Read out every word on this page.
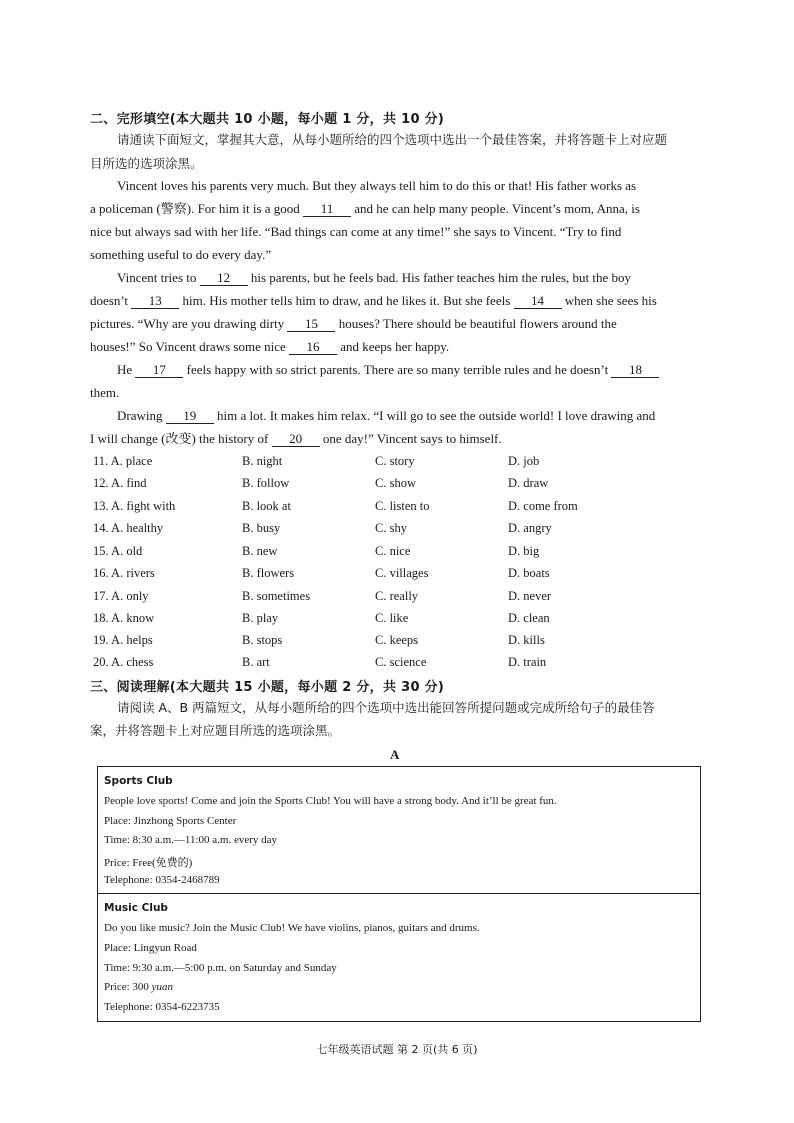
二、完形填空(本大题共 10 小题，每小题 1 分，共 10 分)
请通读下面短文，掌握其大意，从每小题所给的四个选项中选出一个最佳答案，并将答题卡上对应题
目所选的选项涂黑。
Vincent loves his parents very much. But they always tell him to do this or that! His father works as
a policeman (警察). For him it is a good 11 and he can help many people. Vincent’s mom, Anna, is
nice but always sad with her life. “Bad things can come at any time!” she says to Vincent. “Try to find
something useful to do every day.”
Vincent tries to 12 his parents, but he feels bad. His father teaches him the rules, but the boy
doesn’t 13 him. His mother tells him to draw, and he likes it. But she feels 14 when she sees his
pictures. “Why are you drawing dirty 15 houses? There should be beautiful flowers around the
houses!” So Vincent draws some nice 16 and keeps her happy.
He 17 feels happy with so strict parents. There are so many terrible rules and he doesn’t 18
them.
Drawing 19 him a lot. It makes him relax. “I will go to see the outside world! I love drawing and
I will change (改变) the history of 20 one day!” Vincent says to himself.
11. A. place	B. night	C. story	D. job
12. A. find	B. follow	C. show	D. draw
13. A. fight with	B. look at	C. listen to	D. come from
14. A. healthy	B. busy	C. shy	D. angry
15. A. old	B. new	C. nice	D. big
16. A. rivers	B. flowers	C. villages	D. boats
17. A. only	B. sometimes	C. really	D. never
18. A. know	B. play	C. like	D. clean
19. A. helps	B. stops	C. keeps	D. kills
20. A. chess	B. art	C. science	D. train
三、阅读理解(本大题共 15 小题，每小题 2 分，共 30 分)
请阅读 A、B 两篇短文，从每小题所给的四个选项中选出能回答所提问题或完成所给句子的最佳答
案，并将答题卡上对应题目所选的选项涂黑。
A
Sports Club
People love sports! Come and join the Sports Club! You will have a strong body. And it’ll be great fun.
Place: Jinzhong Sports Center
Time: 8:30 a.m.—11:00 a.m. every day
Price: Free(免费的)
Telephone: 0354-2468789
Music Club
Do you like music? Join the Music Club! We have violins, pianos, guitars and drums.
Place: Lingyun Road
Time: 9:30 a.m.—5:00 p.m. on Saturday and Sunday
Price: 300 yuan
Telephone: 0354-6223735
七年级英语试题 第 2 页(共 6 页)
